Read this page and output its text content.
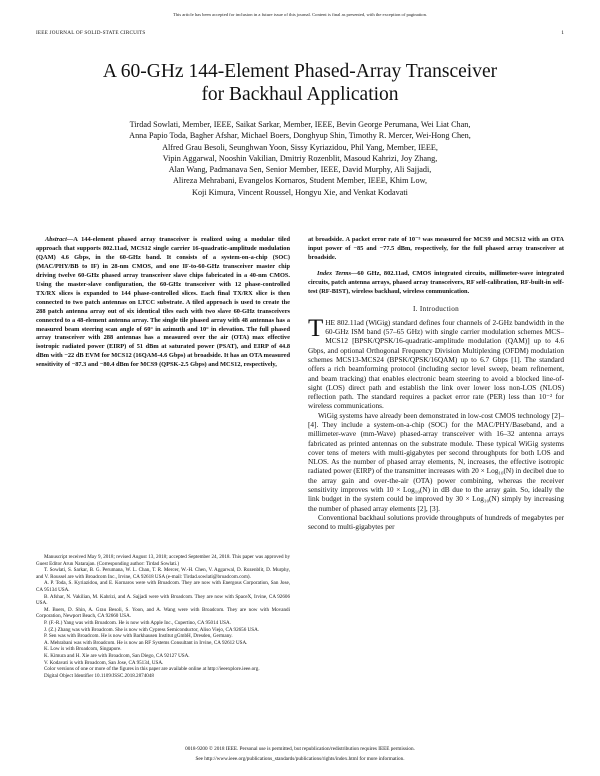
This article has been accepted for inclusion in a future issue of this journal. Content is final as presented, with the exception of pagination.
IEEE JOURNAL OF SOLID-STATE CIRCUITS	1
A 60-GHz 144-Element Phased-Array Transceiver
for Backhaul Application
Tirdad Sowlati, Member, IEEE, Saikat Sarkar, Member, IEEE, Bevin George Perumana, Wei Liat Chan,
Anna Papio Toda, Bagher Afshar, Michael Boers, Donghyup Shin, Timothy R. Mercer, Wei-Hong Chen,
Alfred Grau Besoli, Seunghwan Yoon, Sissy Kyriazidou, Phil Yang, Member, IEEE,
Vipin Aggarwal, Nooshin Vakilian, Dmitriy Rozenblit, Masoud Kahrizi, Joy Zhang,
Alan Wang, Padmanava Sen, Senior Member, IEEE, David Murphy, Ali Sajjadi,
Alireza Mehrabani, Evangelos Kornaros, Student Member, IEEE, Khim Low,
Koji Kimura, Vincent Roussel, Hongyu Xie, and Venkat Kodavati
Abstract—A 144-element phased array transceiver is realized using a modular tiled approach that supports 802.11ad, MCS12 single carrier 16-quadratic-amplitude modulation (QAM) 4.6 Gbps, in the 60-GHz band. It consists of a system-on-a-chip (SOC) (MAC/PHY/BB to IF) in 28-nm CMOS, and one IF-to-60-GHz transceiver master chip driving twelve 60-GHz phased array transceiver slave chips fabricated in a 40-nm CMOS. Using the master-slave configuration, the 60-GHz transceiver with 12 phase-controlled TX/RX slices is expanded to 144 phase-controlled slices. Each final TX/RX slice is then connected to two patch antennas on LTCC substrate. A tiled approach is used to create the 288 patch antenna array out of six identical tiles each with two slave 60-GHz transceivers connected to a 48-element antenna array. The single tile phased array with 48 antennas has a measured beam steering scan angle of 60° in azimuth and 10° in elevation. The full phased array transceiver with 288 antennas has a measured over the air (OTA) max effective isotropic radiated power (EIRP) of 51 dBm at saturated power (PSAT), and EIRP of 44.8 dBm with −22 dB EVM for MCS12 (16QAM-4.6 Gbps) at broadside. It has an OTA measured sensitivity of −87.3 and −80.4 dBm for MCS9 (QPSK-2.5 Gbps) and MCS12, respectively,

Manuscript received May 9, 2018; revised August 13, 2018; accepted September 24, 2018. This paper was approved by Guest Editor Arun Natarajan. (Corresponding author: Tirdad Sowlati.)

T. Sowlati, S. Sarkar, B. G. Perumana, W. L. Chan, T. R. Mercer, W.-H. Chen, V. Aggarwal, D. Rozenblit, D. Murphy, and V. Roussel are with Broadcom Inc., Irvine, CA 92618 USA (e-mail: Tirdad.sowlati@broadcom.com).

A. P. Toda, S. Kyriazidou, and E. Kornaros were with Broadcom. They are now with Energous Corporation, San Jose, CA 95134 USA.

B. Afshar, N. Vakilian, M. Kahrizi, and A. Sajjadi were with Broadcom. They are now with SpaceX, Irvine, CA 92606 USA.

M. Boers, D. Shin, A. Grau Besoli, S. Yoon, and A. Wang were with Broadcom. They are now with Movandi Corporation, Newport Beach, CA 92660 USA.

P. (F.-R.) Yang was with Broadcom. He is now with Apple Inc., Cupertino, CA 95014 USA.

J. (Z.) Zhang was with Broadcom. She is now with Cypress Semiconductor, Aliso Viejo, CA 92656 USA.

P. Sen was with Broadcom. He is now with Barkhausen Institut gGmbH, Dresden, Germany.

A. Mehrabani was with Broadcom. He is now an RF Systems Consultant in Irvine, CA 92612 USA.

K. Low is with Broadcom, Singapore.

K. Kimura and H. Xie are with Broadcom, San Diego, CA 92127 USA.

V. Kodavati is with Broadcom, San Jose, CA 95134, USA.

Color versions of one or more of the figures in this paper are available online at http://ieeexplore.ieee.org.

Digital Object Identifier 10.1109/JSSC.2018.2874048

at broadside. A packet error rate of 10⁻⁵ was measured for MCS9 and MCS12 with an OTA input power of −85 and −77.5 dBm, respectively, for the full phased array transceiver at broadside.
Index Terms—60 GHz, 802.11ad, CMOS integrated circuits, millimeter-wave integrated circuits, patch antenna arrays, phased array transceivers, RF self-calibration, RF-built-in self-test (RF-BIST), wireless backhaul, wireless communication.
I. Introduction

THE 802.11ad (WiGig) standard defines four channels of 2-GHz bandwidth in the 60-GHz ISM band (57–65 GHz) with single carrier modulation schemes MCS–MCS12 [BPSK/QPSK/16-quadratic-amplitude modulation (QAM)] up to 4.6 Gbps, and optional Orthogonal Frequency Division Multiplexing (OFDM) modulation schemes MCS13-MCS24 (BPSK/QPSK/16QAM) up to 6.7 Gbps [1]. The standard offers a rich beamforming protocol (including sector level sweep, beam refinement, and beam tracking) that enables electronic beam steering to avoid a blocked line-of-sight (LOS) direct path and establish the link over lower loss non-LOS (NLOS) reflection path. The standard requires a packet error rate (PER) less than 10⁻² for wireless communications.

WiGig systems have already been demonstrated in low-cost CMOS technology [2]–[4]. They include a system-on-a-chip (SOC) for the MAC/PHY/Baseband, and a millimeter-wave (mm-Wave) phased-array transceiver with 16–32 antenna arrays fabricated as printed antennas on the substrate module. These typical WiGig systems cover tens of meters with multi-gigabytes per second throughputs for both LOS and NLOS. As the number of phased array elements, N, increases, the effective isotropic radiated power (EIRP) of the transmitter increases with 20 × Log₁₀(N) in decibel due to the array gain and over-the-air (OTA) power combining, whereas the receiver sensitivity improves with 10 × Log₁₀(N) in dB due to the array gain. So, ideally the link budget in the system could be improved by 30 × Log₁₀(N) simply by increasing the number of phased array elements [2], [3].

Conventional backhaul solutions provide throughputs of hundreds of megabytes per second to multi-gigabytes per

0018-9200 © 2018 IEEE. Personal use is permitted, but republication/redistribution requires IEEE permission.
See http://www.ieee.org/publications_standards/publications/rights/index.html for more information.
